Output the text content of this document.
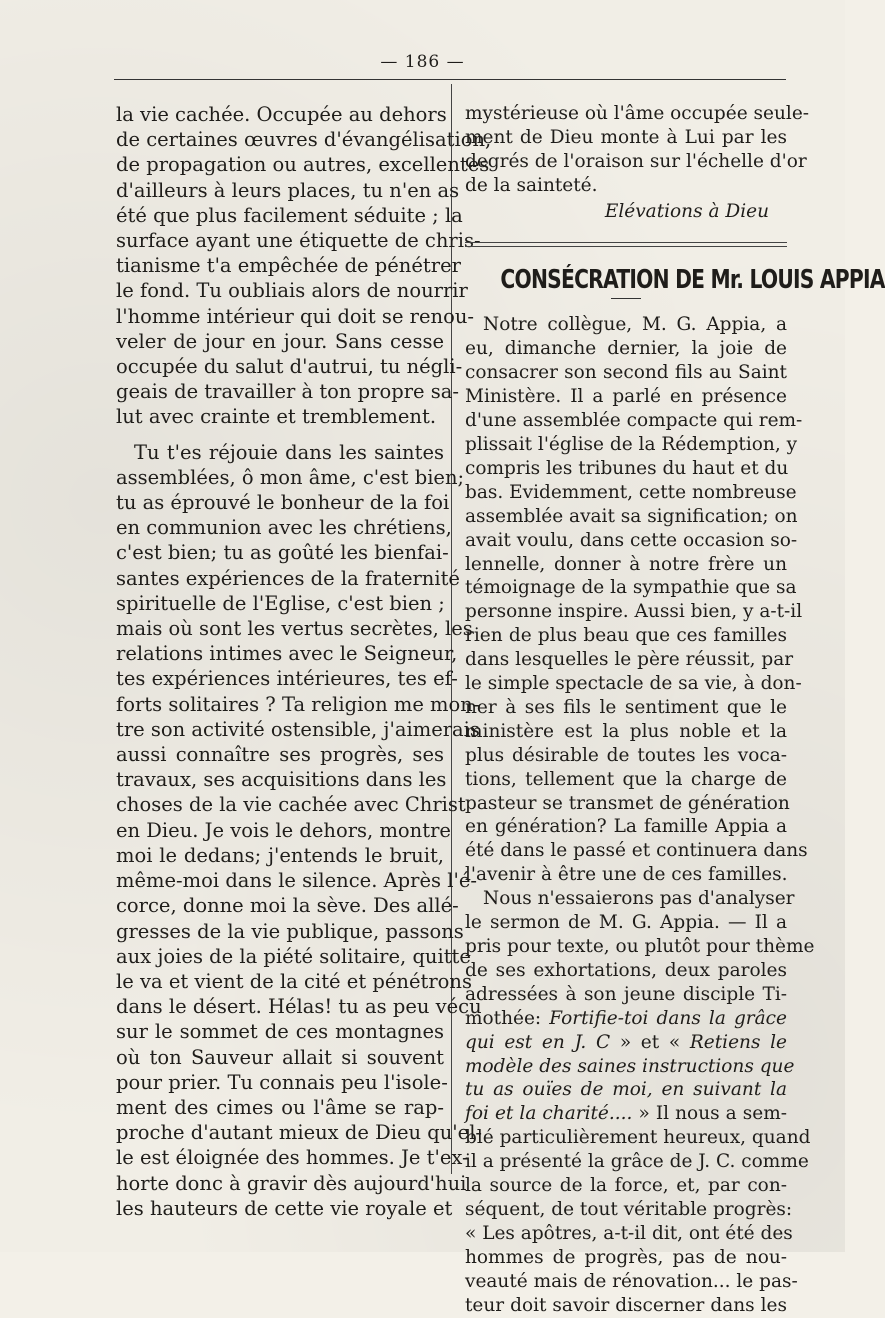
— 186 —
la vie cachée. Occupée au dehors
de certaines œuvres d'évangélisation,
de propagation ou autres, excellentes
d'ailleurs à leurs places, tu n'en as
été que plus facilement séduite ; la
surface ayant une étiquette de chris-
tianisme t'a empêchée de pénétrer
le fond. Tu oubliais alors de nourrir
l'homme intérieur qui doit se renou-
veler de jour en jour. Sans cesse
occupée du salut d'autrui, tu négli-
geais de travailler à ton propre sa-
lut avec crainte et tremblement.
Tu t'es réjouie dans les saintes
assemblées, ô mon âme, c'est bien;
tu as éprouvé le bonheur de la foi
en communion avec les chrétiens,
c'est bien; tu as goûté les bienfai-
santes expériences de la fraternité
spirituelle de l'Eglise, c'est bien ;
mais où sont les vertus secrètes, les
relations intimes avec le Seigneur,
tes expériences intérieures, tes ef-
forts solitaires ? Ta religion me mon-
tre son activité ostensible, j'aimerais
aussi connaître ses progrès, ses
travaux, ses acquisitions dans les
choses de la vie cachée avec Christ
en Dieu. Je vois le dehors, montre
moi le dedans; j'entends le bruit,
même-moi dans le silence. Après l'é-
corce, donne moi la sève. Des allé-
gresses de la vie publique, passons
aux joies de la piété solitaire, quitte
le va et vient de la cité et pénétrons
dans le désert. Hélas! tu as peu vécu
sur le sommet de ces montagnes
où ton Sauveur allait si souvent
pour prier. Tu connais peu l'isole-
ment des cimes ou l'âme se rap-
proche d'autant mieux de Dieu qu'el-
le est éloignée des hommes. Je t'ex-
horte donc à gravir dès aujourd'hui
les hauteurs de cette vie royale et
mystérieuse où l'âme occupée seule-
ment de Dieu monte à Lui par les
degrés de l'oraison sur l'échelle d'or
de la sainteté.
Elévations à Dieu
CONSÉCRATION DE Mr. LOUIS APPIA
Notre collègue, M. G. Appia, a
eu, dimanche dernier, la joie de
consacrer son second fils au Saint
Ministère. Il a parlé en présence
d'une assemblée compacte qui rem-
plissait l'église de la Rédemption, y
compris les tribunes du haut et du
bas. Evidemment, cette nombreuse
assemblée avait sa signification; on
avait voulu, dans cette occasion so-
lennelle, donner à notre frère un
témoignage de la sympathie que sa
personne inspire. Aussi bien, y a-t-il
rien de plus beau que ces familles
dans lesquelles le père réussit, par
le simple spectacle de sa vie, à don-
ner à ses fils le sentiment que le
ministère est la plus noble et la
plus désirable de toutes les voca-
tions, tellement que la charge de
pasteur se transmet de génération
en génération? La famille Appia a
été dans le passé et continuera dans
l'avenir à être une de ces familles.
Nous n'essaierons pas d'analyser
le sermon de M. G. Appia. — Il a
pris pour texte, ou plutôt pour thème
de ses exhortations, deux paroles
adressées à son jeune disciple Ti-
mothée: Fortifie-toi dans la grâce
qui est en J. C » et « Retiens le
modèle des saines instructions que
tu as ouïes de moi, en suivant la
foi et la charité.... » Il nous a sem-
blé particulièrement heureux, quand
il a présenté la grâce de J. C. comme
la source de la force, et, par con-
séquent, de tout véritable progrès:
« Les apôtres, a-t-il dit, ont été des
hommes de progrès, pas de nou-
veauté mais de rénovation... le pas-
teur doit savoir discerner dans les
